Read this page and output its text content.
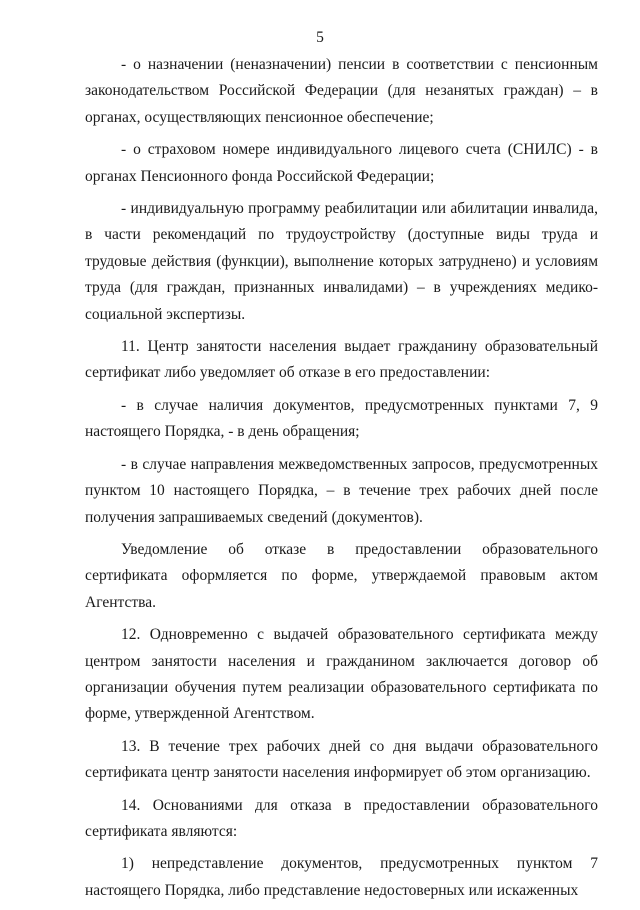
5

- о назначении (неназначении) пенсии в соответствии с пенсионным законодательством Российской Федерации (для незанятых граждан) – в органах, осуществляющих пенсионное обеспечение;

- о страховом номере индивидуального лицевого счета (СНИЛС) - в органах Пенсионного фонда Российской Федерации;

- индивидуальную программу реабилитации или абилитации инвалида, в части рекомендаций по трудоустройству (доступные виды труда и трудовые действия (функции), выполнение которых затруднено) и условиям труда (для граждан, признанных инвалидами) – в учреждениях медико-социальной экспертизы.

11. Центр занятости населения выдает гражданину образовательный сертификат либо уведомляет об отказе в его предоставлении:

- в случае наличия документов, предусмотренных пунктами 7, 9 настоящего Порядка, - в день обращения;

- в случае направления межведомственных запросов, предусмотренных пунктом 10 настоящего Порядка, – в течение трех рабочих дней после получения запрашиваемых сведений (документов).

Уведомление об отказе в предоставлении образовательного сертификата оформляется по форме, утверждаемой правовым актом Агентства.

12. Одновременно с выдачей образовательного сертификата между центром занятости населения и гражданином заключается договор об организации обучения путем реализации образовательного сертификата по форме, утвержденной Агентством.

13. В течение трех рабочих дней со дня выдачи образовательного сертификата центр занятости населения информирует об этом организацию.

14. Основаниями для отказа в предоставлении образовательного сертификата являются:

1) непредставление документов, предусмотренных пунктом 7 настоящего Порядка, либо представление недостоверных или искаженных
